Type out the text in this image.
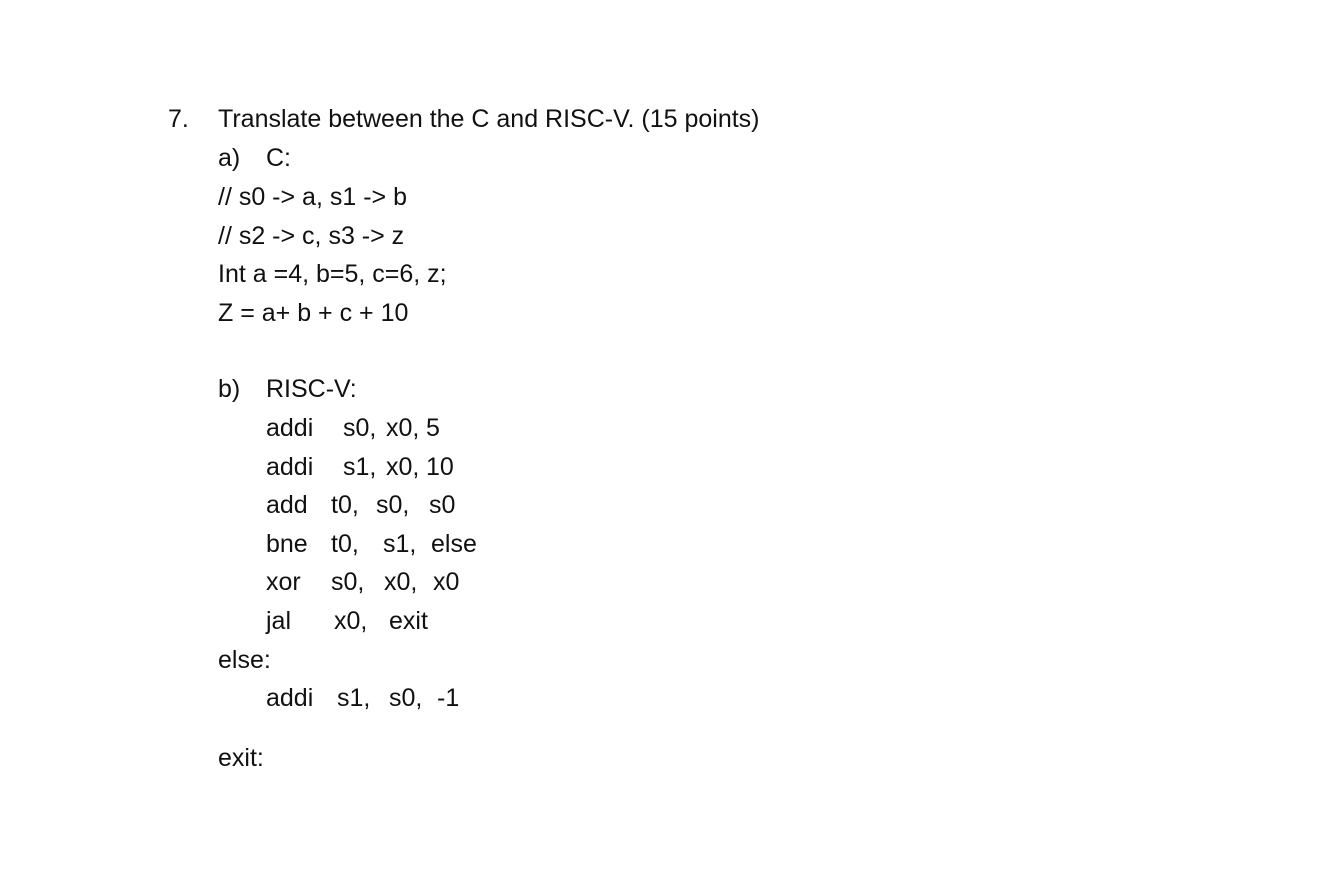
7. Translate between the C and RISC-V. (15 points)
a) C:
// s0 -> a, s1 -> b
// s2 -> c, s3 -> z
Int a =4, b=5, c=6, z;
Z = a+ b + c + 10
b) RISC-V:

addi

s0,

x0,

5

addi

s1,

x0,

10

add

t0,

s0,

s0

bne

t0,

s1,

else

xor

s0,

x0,

x0

jal

x0,

exit

else:

addi

s1,

s0,

-1

exit:
